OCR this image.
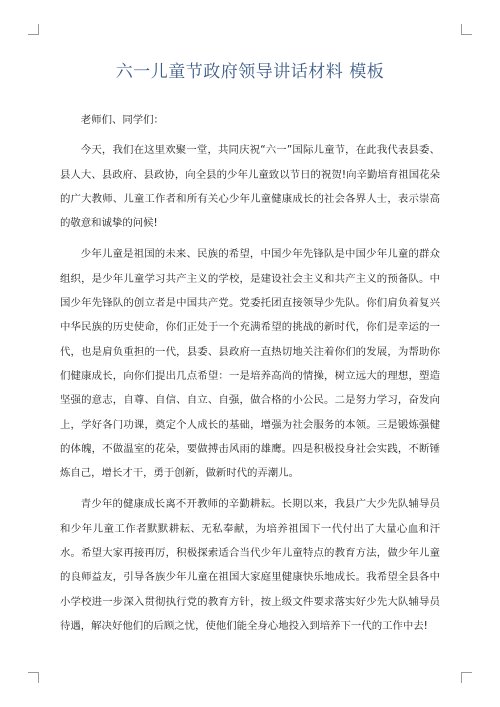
六一儿童节政府领导讲话材料 模板

老师们、同学们：

今天，我们在这里欢聚一堂，共同庆祝“六一”国际儿童节，在此我代表县委、县人大、县政府、县政协，向全县的少年儿童致以节日的祝贺!向辛勤培育祖国花朵的广大教师、儿童工作者和所有关心少年儿童健康成长的社会各界人士，表示崇高的敬意和诚挚的问候!

少年儿童是祖国的未来、民族的希望，中国少年先锋队是中国少年儿童的群众组织，是少年儿童学习共产主义的学校，是建设社会主义和共产主义的预备队。中国少年先锋队的创立者是中国共产党。党委托团直接领导少先队。你们肩负着复兴中华民族的历史使命，你们正处于一个充满希望的挑战的新时代，你们是幸运的一代，也是肩负重担的一代，县委、县政府一直热切地关注着你们的发展，为帮助你们健康成长，向你们提出几点希望：一是培养高尚的情操，树立远大的理想，塑造坚强的意志，自尊、自信、自立、自强，做合格的小公民。二是努力学习，奋发向上，学好各门功课，奠定个人成长的基础，增强为社会服务的本领。三是锻炼强健的体魄，不做温室的花朵，要做搏击风雨的雄鹰。四是积极投身社会实践，不断锤炼自己，增长才干，勇于创新，做新时代的弄潮儿。

青少年的健康成长离不开教师的辛勤耕耘。长期以来，我县广大少先队辅导员和少年儿童工作者默默耕耘、无私奉献，为培养祖国下一代付出了大量心血和汗水。希望大家再接再厉，积极探索适合当代少年儿童特点的教育方法，做少年儿童的良师益友，引导各族少年儿童在祖国大家庭里健康快乐地成长。我希望全县各中小学校进一步深入贯彻执行党的教育方针，按上级文件要求落实好少先大队辅导员待遇，解决好他们的后顾之忧，使他们能全身心地投入到培养下一代的工作中去!
